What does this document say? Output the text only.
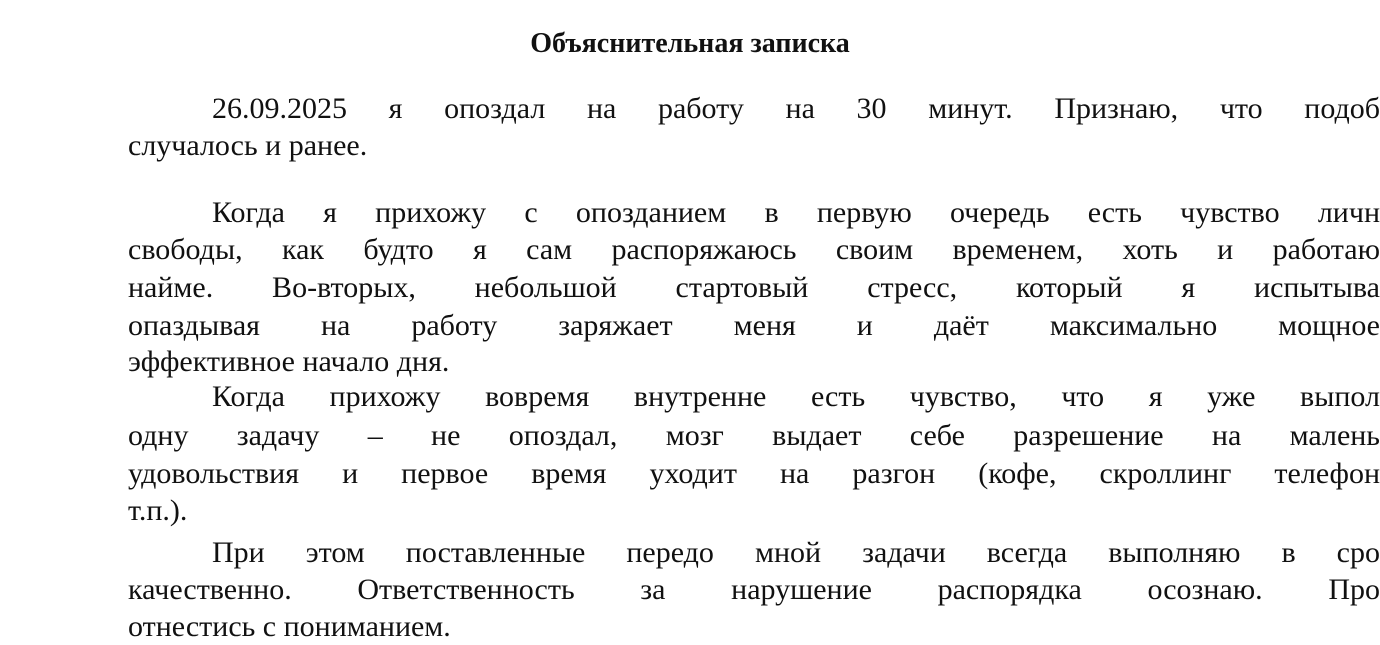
Объяснительная записка
26.09.2025 я опоздал на работу на 30 минут. Признаю, что подоб
случалось и ранее.
Когда я прихожу с опозданием в первую очередь есть чувство личн
свободы, как будто я сам распоряжаюсь своим временем, хоть и работаю
найме. Во-вторых, небольшой стартовый стресс, который я испытыва
опаздывая на работу заряжает меня и даёт максимально мощное
эффективное начало дня.
Когда прихожу вовремя внутренне есть чувство, что я уже выпол
одну задачу – не опоздал, мозг выдает себе разрешение на малень
удовольствия и первое время уходит на разгон (кофе, скроллинг телефон
т.п.).
При этом поставленные передо мной задачи всегда выполняю в сро
качественно. Ответственность за нарушение распорядка осознаю. Про
отнестись с пониманием.
